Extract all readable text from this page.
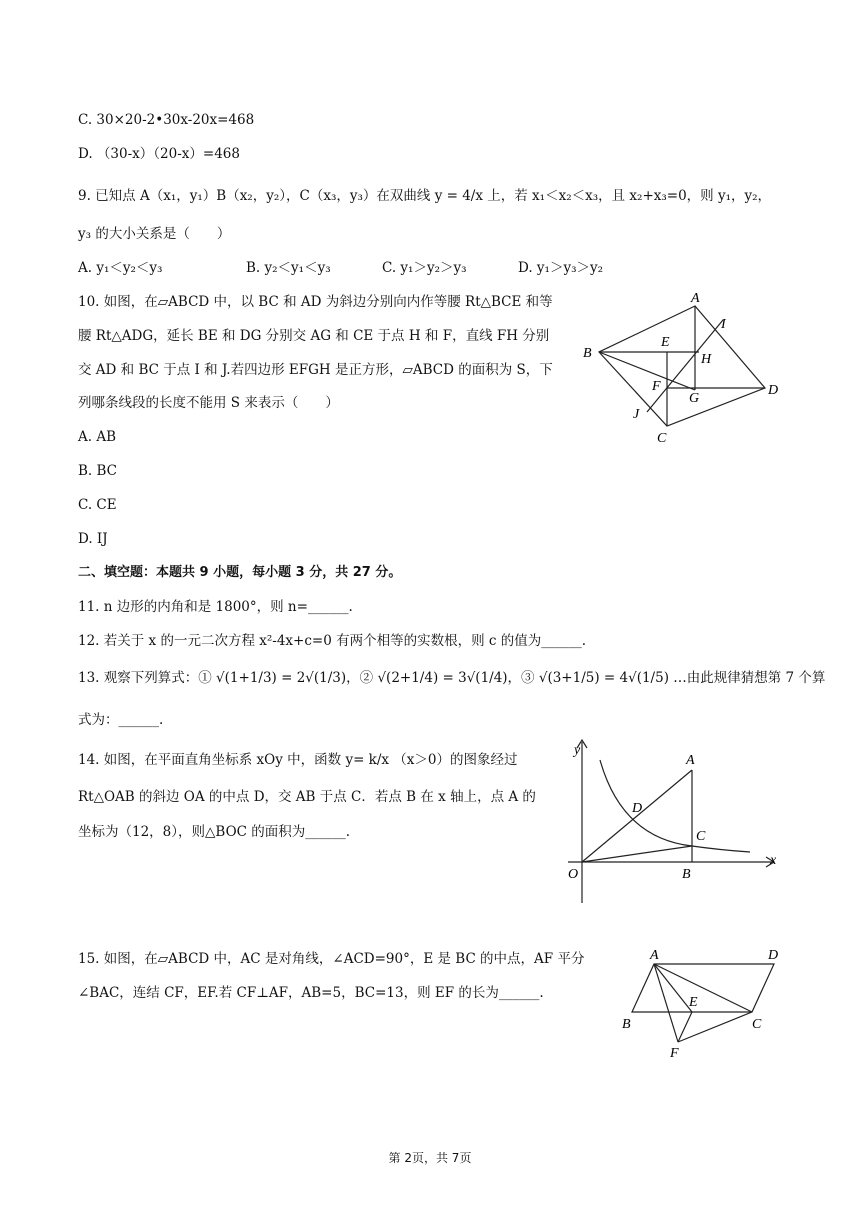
C. 30×20-2•30x-20x=468
D. （30-x）（20-x）=468
9. 已知点 A（x₁，y₁）B（x₂，y₂），C（x₃，y₃）在双曲线 y = 4/x 上，若 x₁＜x₂＜x₃，且 x₂+x₃=0，则 y₁，y₂，
y₃ 的大小关系是（　　）
A. y₁＜y₂＜y₃	B. y₂＜y₁＜y₃	C. y₁＞y₂＞y₃	D. y₁＞y₃＞y₂
10. 如图，在▱ABCD 中，以 BC 和 AD 为斜边分别向内作等腰 Rt△BCE 和等
腰 Rt△ADG，延长 BE 和 DG 分别交 AG 和 CE 于点 H 和 F，直线 FH 分别
交 AD 和 BC 于点 I 和 J.若四边形 EFGH 是正方形，▱ABCD 的面积为 S，下
列哪条线段的长度不能用 S 来表示（　　）
A. AB
B. BC
C. CE
D. IJ
A
B
C
D
E
F
G
H
I
J
二、填空题：本题共 9 小题，每小题 3 分，共 27 分。
11. n 边形的内角和是 1800°，则 n=______.
12. 若关于 x 的一元二次方程 x²-4x+c=0 有两个相等的实数根，则 c 的值为______.
13. 观察下列算式：① √(1+1/3) = 2√(1/3)，② √(2+1/4) = 3√(1/4)，③ √(3+1/5) = 4√(1/5) …由此规律猜想第 7 个算
式为：______.
14. 如图，在平面直角坐标系 xOy 中，函数 y= k/x （x＞0）的图象经过
Rt△OAB 的斜边 OA 的中点 D，交 AB 于点 C．若点 B 在 x 轴上，点 A 的
坐标为（12，8），则△BOC 的面积为______.
y
x
O
A
B
C
D
15. 如图，在▱ABCD 中，AC 是对角线，∠ACD=90°，E 是 BC 的中点，AF 平分
∠BAC，连结 CF，EF.若 CF⊥AF，AB=5，BC=13，则 EF 的长为______.
A
B	C
D
E
F
第 2页，共 7页
